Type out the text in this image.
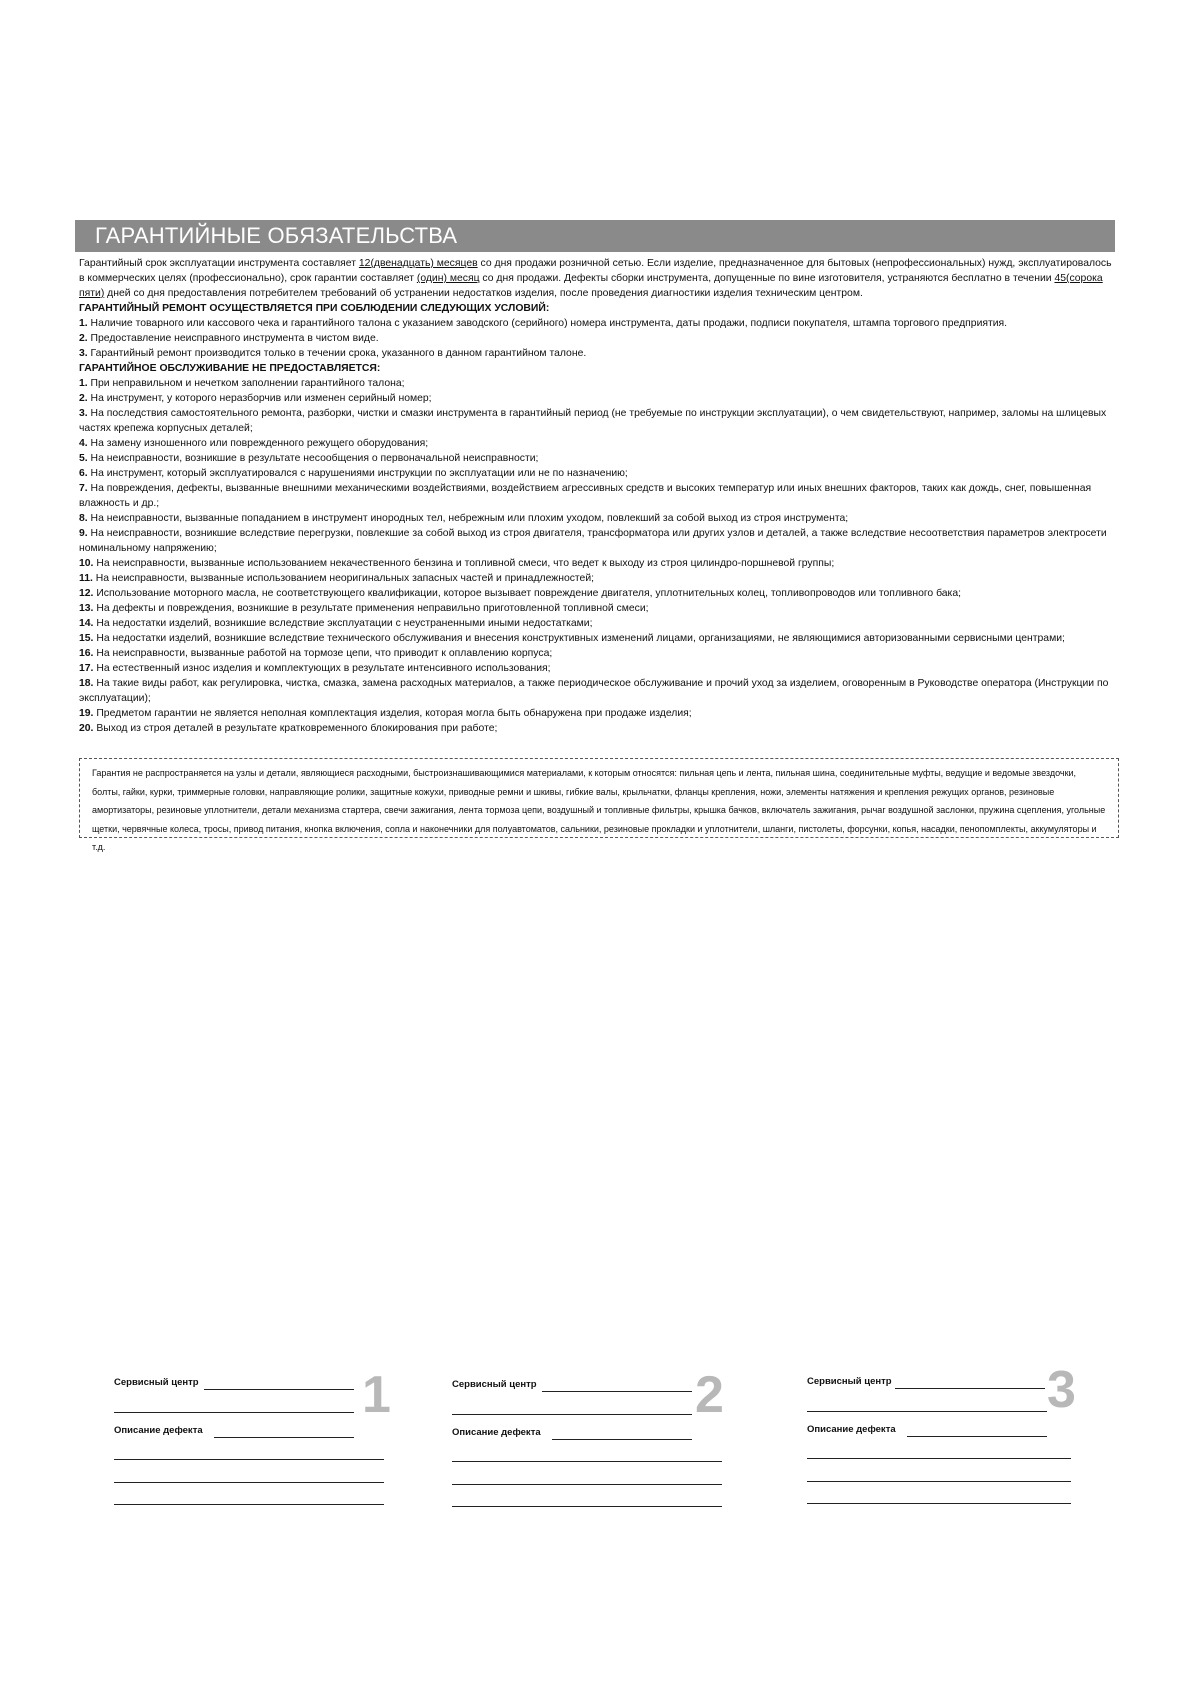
ГАРАНТИЙНЫЕ ОБЯЗАТЕЛЬСТВА

Гарантийный срок эксплуатации инструмента составляет 12(двенадцать) месяцев со дня продажи розничной сетью. Если изделие, предназначенное для бытовых (непрофессиональных) нужд, эксплуатировалось в коммерческих целях (профессионально), срок гарантии составляет (один) месяц со дня продажи. Дефекты сборки инструмента, допущенные по вине изготовителя, устраняются бесплатно в течении 45(сорока пяти) дней со дня предоставления потребителем требований об устранении недостатков изделия, после проведения диагностики изделия техническим центром.

ГАРАНТИЙНЫЙ РЕМОНТ ОСУЩЕСТВЛЯЕТСЯ ПРИ СОБЛЮДЕНИИ СЛЕДУЮЩИХ УСЛОВИЙ:

1. Наличие товарного или кассового чека и гарантийного талона с указанием заводского (серийного) номера инструмента, даты продажи, подписи покупателя, штампа торгового предприятия.

2. Предоставление неисправного инструмента в чистом виде.

3. Гарантийный ремонт производится только в течении срока, указанного в данном гарантийном талоне.

ГАРАНТИЙНОЕ ОБСЛУЖИВАНИЕ НЕ ПРЕДОСТАВЛЯЕТСЯ:

1. При неправильном и нечетком заполнении гарантийного талона;

2. На инструмент, у которого неразборчив или изменен серийный номер;

3. На последствия самостоятельного ремонта, разборки, чистки и смазки инструмента в гарантийный период (не требуемые по инструкции эксплуатации), о чем свидетельствуют, например, заломы на шлицевых частях крепежа корпусных деталей;

4. На замену изношенного или поврежденного режущего оборудования;

5. На неисправности, возникшие в результате несообщения о первоначальной неисправности;

6. На инструмент, который эксплуатировался с нарушениями инструкции по эксплуатации или не по назначению;

7. На повреждения, дефекты, вызванные внешними механическими воздействиями, воздействием агрессивных средств и высоких температур или иных внешних факторов, таких как дождь, снег, повышенная влажность и др.;

8. На неисправности, вызванные попаданием в инструмент инородных тел, небрежным или плохим уходом, повлекший за собой выход из строя инструмента;

9. На неисправности, возникшие вследствие перегрузки, повлекшие за собой выход из строя двигателя, трансформатора или других узлов и деталей, а также вследствие несоответствия параметров электросети номинальному напряжению;

10. На неисправности, вызванные использованием некачественного бензина и топливной смеси, что ведет к выходу из строя цилиндро-поршневой группы;

11. На неисправности, вызванные использованием неоригинальных запасных частей и принадлежностей;

12. Использование моторного масла, не соответствующего квалификации, которое вызывает повреждение двигателя, уплотнительных колец, топливопроводов или топливного бака;

13. На дефекты и повреждения, возникшие в результате применения неправильно приготовленной топливной смеси;

14. На недостатки изделий, возникшие вследствие эксплуатации с неустраненными иными недостатками;

15. На недостатки изделий, возникшие вследствие технического обслуживания и внесения конструктивных изменений лицами, организациями, не являющимися авторизованными сервисными центрами;

16. На неисправности, вызванные работой на тормозе цепи, что приводит к оплавлению корпуса;

17. На естественный износ изделия и комплектующих в результате интенсивного использования;

18. На такие виды работ, как регулировка, чистка, смазка, замена расходных материалов, а также периодическое обслуживание и прочий уход за изделием, оговоренным в Руководстве оператора (Инструкции по эксплуатации);

19. Предметом гарантии не является неполная комплектация изделия, которая могла быть обнаружена при продаже изделия;

20. Выход из строя деталей в результате кратковременного блокирования при работе;

Гарантия не распространяется на узлы и детали, являющиеся расходными, быстроизнашивающимися материалами, к которым относятся: пильная цепь и лента, пильная шина, соединительные муфты, ведущие и ведомые звездочки, болты, гайки, курки, триммерные головки, направляющие ролики, защитные кожухи, приводные ремни и шкивы, гибкие валы, крыльчатки, фланцы крепления, ножи, элементы натяжения и крепления режущих органов, резиновые амортизаторы, резиновые уплотнители, детали механизма стартера, свечи зажигания, лента тормоза цепи, воздушный и топливные фильтры, крышка бачков, включатель зажигания, рычаг воздушной заслонки, пружина сцепления, угольные щетки, червячные колеса, тросы, привод питания, кнопка включения, сопла и наконечники для полуавтоматов, сальники, резиновые прокладки и уплотнители, шланги, пистолеты, форсунки, копья, насадки, пенопомплекты, аккумуляторы и т.д.
Сервисный центр
Описание дефекта
1	Сервисный центр
Описание дефекта
2	Сервисный центр
Описание дефекта
3
